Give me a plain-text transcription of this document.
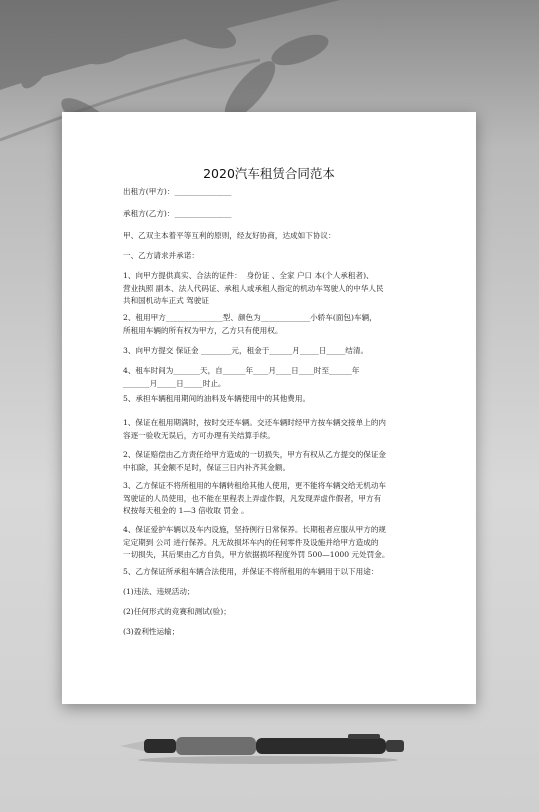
2020汽车租赁合同范本
出租方(甲方)：_______________
承租方(乙方)：_______________
甲、乙双主本着平等互利的原则，经友好协商，达成如下协议：
一、乙方请求并承诺：
1、向甲方提供真实、合法的证件：  身份证 、全家 户口 本(个人承租者)、
营业执照 副本、法人代码证、承租人或承租人指定的机动车驾驶人的中华人民
共和国机动车正式 驾驶证
2、租用甲方_______________型、颜色为_____________小轿车(面包)车辆，
所租用车辆的所有权为甲方，乙方只有使用权。
3、向甲方提交 保证金 ________元，租金于______月_____日_____结清。
4、租车时间为_______天，自______年____月____日____时至______年
_______月_____日_____时止。
5、承担车辆租用期间的油料及车辆使用中的其他费用。
1、保证在租用期满时，按时交还车辆。交还车辆时经甲方按车辆交接单上的内
容逐一验收无误后，方可办理有关结算手续。
2、保证赔偿由乙方责任给甲方造成的一切损失，甲方有权从乙方提交的保证金
中扣除，其金额不足时，保证三日内补齐其金额。
3、乙方保证不将所租用的车辆转租给其他人使用，更不能将车辆交给无机动车
驾驶证的人员使用，也不能在里程表上弄虚作假，凡发现弄虚作假者，甲方有
权按每天租金的 1—3 倍收取 罚金 。
4、保证爱护车辆以及车内设施，坚持例行日常保养。长期租者应服从甲方的规
定定期到 公司 进行保养。凡无故损坏车内的任何零件及设施并给甲方造成的
一切损失，其后果由乙方自负，甲方依据损坏程度外罚 500—1000 元处罚金。
5、乙方保证所承租车辆合法使用，并保证不将所租用的车辆用于以下用途：
(1)违法、违规活动；
(2)任何形式的竞赛和测试(验)；
(3)盈利性运输；
